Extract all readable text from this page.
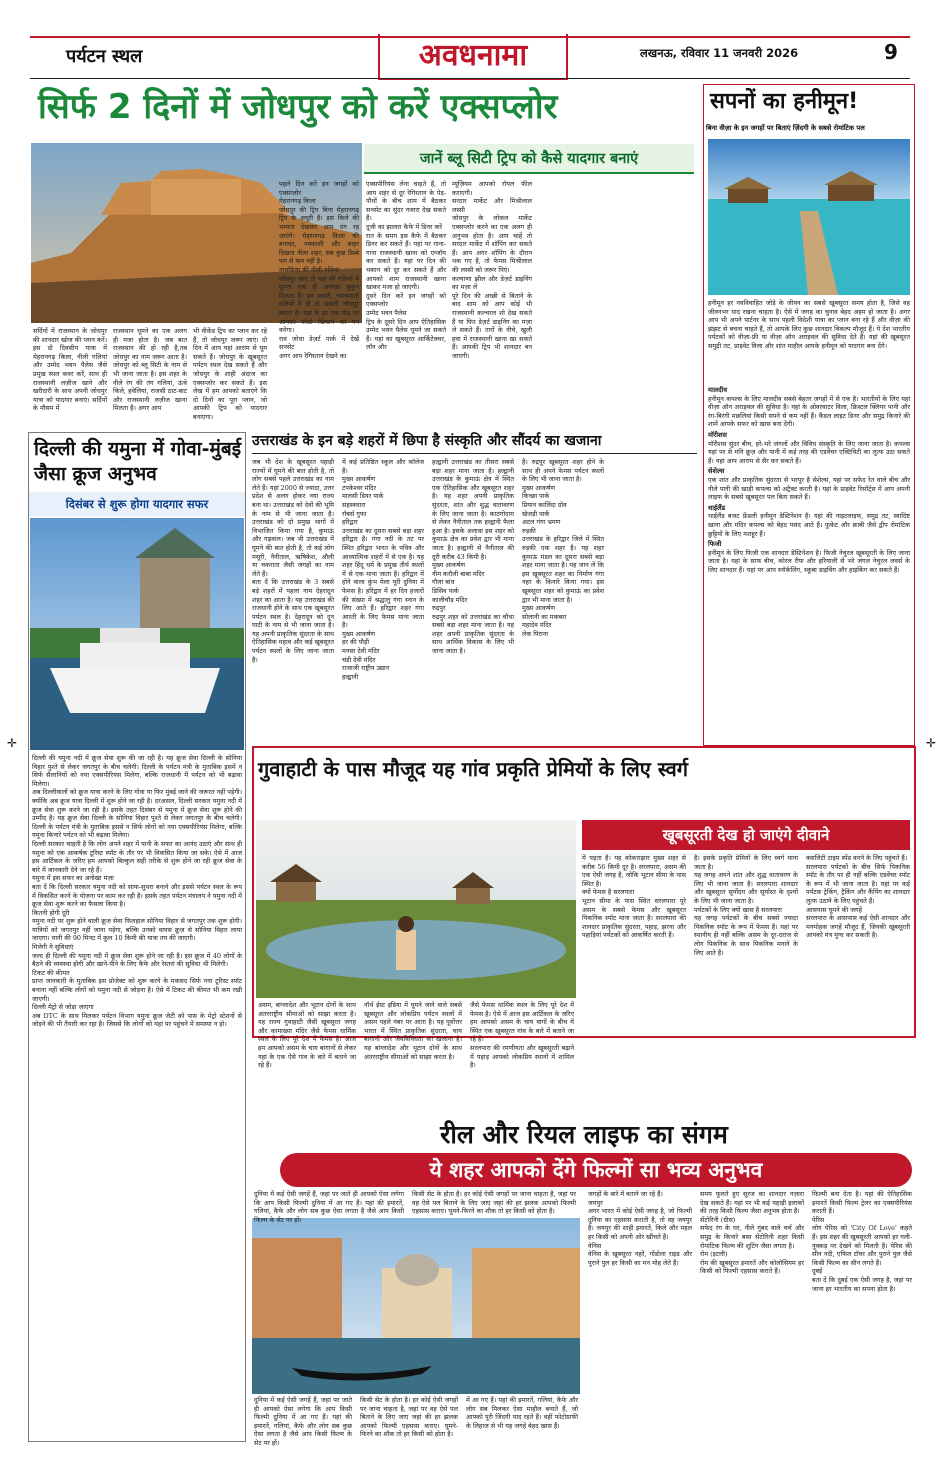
पर्यटन स्थल	अवधनामा	लखनऊ, रविवार 11 जनवरी 2026	9
सिर्फ 2 दिनों में जोधपुर को करें एक्सप्लोर
जानें ब्लू सिटी ट्रिप को कैसे यादगार बनाएं
सर्दियों में राजस्थान के जोधपुर की शानदार खोज की प्लान करें। इस दो दिवसीय यात्रा में मेहरानगढ़ किला, नीली गलियां और उम्मेद भवन पैलेस जैसे प्रमुख स्थल कवर करें, साथ ही राजस्थानी लज़ीज खाने और खरीदारी के साथ अपनी जोधपुर यात्रा को यादगार बनाएं। सर्दियों के मौसम में
राजस्थान घूमने का एक अलग ही मजा होता है। जब बात राजस्थान की हो रही है,तब जोधपुर का नाम जरूर आता है। जोधपुर को ब्लू सिटी के नाम से भी जाना जाता है। इस शहर के नीले रंग की तंग गलियां, ऊंचे किले, हवेलियां, राजसी ठाट-बाट और राजस्थानी लज़ीज खाना मिलता है। अगर आप
भी वीकेंड ट्रिप का प्लान कर रहे हैं, तो जोधपुर जरूर जाएं। दो दिन में आप यहां आराम से घूम सकते हैं। जोधपुर के खूबसूरत पर्यटन स्थल देख सकते हैं और जोधपुर के शाही अंदाज का एक्सप्लोर कर सकते हैं। इस लेख में हम आपको बताएंगे कि दो दिनों का पूरा प्लान, जो आपकी ट्रिप को यादगार बनाएगा।
पहले दिन करें इन जगहों को एक्सप्लोर
मेहरानगढ़ किला
जोधपुर की ट्रिप बिना मेहरानगढ़ ट्रिप के अधूरी है। इस किले की भव्यता देखकर आप दंग रह जाएंगे। मेहरानगढ़ किला की बनावट, नक्काशी और बाहर दिखता नीला शहर, सब कुछ डिब्बे पल से कम नहीं है।
नाचकिया की नीली गलियां
जोधपुर जाएं तो यहां की गलियों में घूमना एक ही अनोखा सुकून मिलता है। इन सकरी, चमचमाती गलियों में ही तो असली जोधपुर बसता है। यहां के हर एक मोड़ पर आपको फोटो खिंचाने का मन करेगा।
राव जोधा डेज़र्ट पार्क में देखें सनसेट
अगर आप रेगिस्तान देखने का
एक्सपीरियंस लेना चाहते हैं, तो आप शहर से दूर रेगिस्तान के पेड़-पौधों के बीच शाम में बैठकर सनसेट का सुंदर नजारा देख सकते हैं।
दूजी का झालरा कैफे में डिनर करें
रात के समय इस कैफे में बैठकर डिनर कर सकते हैं। यहां पर गाना-गाना राजस्थानी खाना को एन्जॉय कर सकते हैं। यहां पर दिन की थकान को दूर कर सकते हैं और आपको शाम राजस्थानी खाना खाकर मजा हो जाएगी।
दूसरे दिन करें इन जगहों को एक्सप्लोर
उम्मेद भवन पैलेस
ट्रिप के दूसरे दिन आप ऐतिहासिक उम्मेद भवन पैलेस घूमने जा सकते हैं। यहां का खूबसूरत आर्किटेक्चर, लॉन और
म्यूज़ियम आपको रॉयल फील कराएगी।
सरदार मार्केट और मिश्रीलाल लस्सी
जोधपुर के लोकल मार्केट एक्सप्लोर करने का एक अलग ही अनुभव होता है। आप चाहें तो सरदार मार्केट में शॉपिंग कर सकते हैं। आप अगर शॉपिंग के दौरान थक गए हैं, तो फेमस मिश्रीलाल की लस्सी को जरूर पिएं।
कल्याणा झील और डेज़र्ट डाइनिंग का मज़ा लें
पूरे दिन की अच्छी से बिताने के बाद शाम को आप कोई भी राजस्थानी कल्चरल शो देख सकते हैं या फिर डेज़र्ट डाइनिंग का मज़ा ले सकते हैं। तारों के नीचे, खुली हवा में राजस्थानी खाना खा सकते हैं। आपकी ट्रिप भी शानदार बन जाएगी।
सपनों का हनीमून!
बिना वीज़ा के इन जगहों पर बिताएं ज़िंदगी के सबसे रोमांटिक पल
हनीमून हर नवविवाहित जोड़े के जीवन का सबसे खूबसूरत समय होता है, जिसे वह जीवनभर याद रखना चाहता है। ऐसे में जगह का चुनाव बेहद अहम हो जाता है। अगर आप भी अपने पार्टनर के साथ पहली विदेशी यात्रा का प्लान बना रहे हैं और वीज़ा की झंझट से बचना चाहते हैं, तो आपके लिए कुछ शानदार विकल्प मौजूद हैं। ये देश भारतीय पर्यटकों को वीज़ा-फ्री या वीज़ा ऑन अराइवल की सुविधा देते हैं। यहां की खूबसूरत समुद्री तट, प्राइवेट विला और शांत माहौल आपके हनीमून को यादगार बना देंगे।
मालदीव
हनीमून कपल्स के लिए मालदीव सबसे बेहतर जगहों में से एक है। भारतीयों के लिए यहां वीज़ा ऑन अराइवल की सुविधा है। यहां के ओवरवाटर विला, क्रिस्टल क्लियर पानी और रंग-बिरंगी मछलियां किसी सपने से कम नहीं हैं। कैंडल लाइट डिनर और समुद्र किनारे की शामें आपके सफर को खास बना देंगी।
मॉरीशस
मॉरीशस सुंदर बीच, हरे-भरे जंगलों और विविध संस्कृति के लिए जाना जाता है। कपल्स यहां पर से मनि क्रूज़ और पानी में कई तरह की एडवेंचर एक्टिविटी का लुत्फ उठा सकते हैं। यहां आप आराम से सैर कर सकते हैं।
सेशेल्स
एक शांत और प्राकृतिक सुंदरता से भरपूर है सेशेल्स, यहां पर सफेद रेत वाले बीच और नीले पानी की खाड़ी कपल्स को अट्रैक्ट करती है। यहां के प्राइवेट रिसॉर्ट्स में आप अपनी लाइफ के सबसे खूबसूरत पल बिता सकते हैं।
थाईलैंड
थाईलैंड बजट फ्रेंडली हनीमून डेस्टिनेशन है। यहां की नाइटलाइफ, समुद्र तट, स्वादिष्ट खाना और मंदिर कपल्स को बेहद पसंद आते हैं। फुकेट और क्राबी जैसे द्वीप रोमांटिक छुट्टियों के लिए मशहूर हैं।
फिजी
हनीमून के लिए फिजी एक शानदार डेस्टिनेशन है। फिजी नेचुरल खूबसूरती के लिए जाना जाता है। यहां के साफ बीच, कोरल रीफ और हरियाली से भरे जंगल नेचुरल लवर्स के लिए शानदार हैं। यहां पर आप स्नॉर्कलिंग, स्कूबा डाइविंग और हाइकिंग कर सकते हैं।
दिल्ली की यमुना में गोवा-मुंबई जैसा क्रूज अनुभव
दिसंबर से शुरू होगा यादगार सफर
दिल्ली की यमुना नदी में क्रूज सेवा शुरू की जा रही है। यह क्रूज सेवा दिल्ली के सोनिया विहार पुश्ते से लेकर जगतपुर के बीच चलेगी। दिल्ली के पर्यटन मंत्री के मुताबिक इसमें न सिर्फ सैलानियों को नया एक्सपीरियंस मिलेगा, बल्कि राजधानी में पर्यटन को भी बढ़ावा मिलेगा।
अब दिल्लीवालों को क्रूज यात्रा करने के लिए गोवा या फिर मुंबई जाने की जरूरत नहीं पड़ेगी। क्योंकि अब क्रूज यात्रा दिल्ली में शुरू होने जा रही है। दरअसल, दिल्ली सरकार यमुना नदी में क्रूज सेवा शुरू करने जा रही है। इसके तहत दिसंबर से यमुना में क्रूज सेवा शुरू होने की उम्मीद है। यह क्रूज सेवा दिल्ली के सोनिया विहार पुश्ते से लेकर जगतपुर के बीच चलेगी। दिल्ली के पर्यटन मंत्री के मुताबिक इससे न सिर्फ लोगों को नया एक्सपीरियंस मिलेगा, बल्कि यमुना किनारे पर्यटन को भी बढ़ावा मिलेगा।
दिल्ली सरकार चाहती है कि लोग अपने शहर में पानी के सफर का आनंद उठाएं और साथ ही यमुना को एक आकर्षक टूरिस्ट स्पॉट के तौर पर भी विकसित किया जा सके। ऐसे में आज इस आर्टिकल के जरिए हम आपको बिल्कुल सही तरीके से शुरू होने जा रही क्रूज सेवा के बारे में जानकारी देने जा रहे हैं।
यमुना में इस सफर का अनोखा मज़ा
बता दें कि दिल्ली सरकार यमुना नदी को साफ-सुथरा बनाने और इससे पर्यटन स्थल के रूप में विकसित करने के योजना पर काम कर रही है। इसके तहत पर्यटन मंत्रालय ने यमुना नदी में क्रूज सेवा शुरू करने का फैसला किया है।
कितनी होगी दूरी
यमुना नदी पर शुरू होने वाली क्रूज सेवा फिलहाल सोनिया विहार से जगतपुर तक शुरू होगी। यात्रियों को जगतपुर नहीं जाना पड़ेगा, बल्कि उनको वापस क्रूज़ से सोनिया विहार लाया जाएगा। यानी की 90 मिनट में कुल 10 किमी की यात्रा तय की जाएगी।
मिलेगी ये सुविधाएं
जल्द ही दिल्ली की यमुना नदी में क्रूज सेवा शुरू होने जा रही है। इस क्रूज में 40 लोगों के बैठने की व्यवस्था होगी और खाने-पीने के लिए कैफे और रेस्तरां की सुविधा भी मिलेगी।
टिकट की कीमत
प्राप्त जानकारी के मुताबिक इस प्रोजेक्ट को शुरू करने के मकसद सिर्फ नया टूरिस्ट स्पॉट बनाना नहीं बल्कि लोगों को यमुना नदी से जोड़ना है। ऐसे में टिकट की कीमत भी कम रखी जाएगी।
दिल्ली मेट्रो से जोड़ा जाएगा
अब DTC के साथ मिलकर पर्यटन विभाग यमुना क्रूज जेटी को पास के मेट्रो स्टेशनों से जोड़ने की भी तैयारी कर रहा है। जिससे कि लोगों को यहां पर पहुंचने में समस्या न हो।
उत्तराखंड के इन बड़े शहरों में छिपा है संस्कृति और सौंदर्य का खजाना
जब भी देश के खूबसूरत पहाड़ी राज्यों में घूमने की बात होती है, तो लोग सबसे पहले उत्तराखंड का नाम लेते हैं। यहां 2000 से ज्यादा, उत्तर प्रदेश से अलग होकर नया राज्य बना था। उत्तराखंड को देवों की भूमि के नाम से भी जाना जाता है। उत्तराखंड को दो प्रमुख भागों में विभाजित किया गया है, कुमाऊं और गढ़वाल। जब भी उत्तराखंड में घूमने की बात होती है, तो कई लोग मसूरी, नैनीताल, ऋषिकेश, औली या चकराता जैसी जगहों का नाम लेते हैं।
बता दें कि उत्तराखंड के 3 सबसे बड़े शहरों में पहला नाम देहरादून शहर का आता है। यह उत्तराखंड की राजधानी होने के साथ एक खूबसूरत पर्यटन स्थल है। देहरादून को दून घाटी के नाम से भी जाना जाता है। यह अपनी प्राकृतिक सुंदरता के साथ ऐतिहासिक महत्व और कई खूबसूरत पर्यटन स्थलों के लिए जाना जाता है।
में कई प्रतिष्ठित स्कूल और कॉलेज हैं।
मुख्य आकर्षण
टपकेश्वर मंदिर
मालसी डियर पार्क
सहस्त्रधारा
रॉबर्स गुफा
हरिद्वार
उत्तराखंड का दूसरा सबसे बड़ा शहर हरिद्वार है। गंगा नदी के तट पर स्थित हरिद्वार भारत के पवित्र और आध्यात्मिक शहरों में से एक है। यह शहर हिंदू धर्म के प्रमुख तीर्थ स्थलों में से एक माना जाता है। हरिद्वार में होने वाला कुंभ मेला पूरी दुनिया में फेमस है। हरिद्वार में हर दिन हजारों की संख्या में श्रद्धालु गंगा स्नान के लिए आते हैं। हरिद्वार शहर गंगा आरती के लिए फेमस माना जाता है।
मुख्य आकर्षण
हर की पौड़ी
मनसा देवी मंदिर
चंडी देवी मंदिर
राजाजी राष्ट्रीय उद्यान
हल्द्वानी
हल्द्वानी उत्तराखंड का तीसरा सबसे बड़ा शहर माना जाता है। हल्द्वानी उत्तराखंड के कुमाऊं क्षेत्र में स्थित एक ऐतिहासिक और खूबसूरत शहर है। यह शहर अपनी प्राकृतिक सुंदरता, शांत और शुद्ध वातावरण के लिए जाना जाता है। काठगोदाम से लेकर नैनीताल तक हल्द्वानी फैला हुआ है। इसके अलावा इस शहर को कुमाऊं क्षेत्र का प्रवेश द्वार भी माना जाता है। हल्द्वानी से नैनीताल की दूरी करीब 43 किमी है।
मुख्य आकर्षण
नीम करौली बाबा मंदिर
गौला बांध
डिसिव पार्क
कालीचौड़ मंदिर
रुद्रपुर
रुद्रपुर शहर को उत्तराखंड का चौथा सबसे बड़ा शहर माना जाता है। यह शहर अपनी प्राकृतिक सुंदरता के साथ आर्थिक विकास के लिए भी जाना जाता है।
है। रुद्रपुर खूबसूरत शहर होने के साथ ही अपने फेमस पर्यटन स्थलों के लिए भी जाना जाता है।
मुख्य आकर्षण
किच्छा पार्क
प्रियान कालिंदा ग्रोव
खेजड़ी पार्क
अटल गंगा भ्रमण
रुड़की
उत्तराखंड के हरिद्वार जिले में स्थित रुड़की एक शहर है। यह शहर कुमाऊं मंडल का दूसरा सबसे बड़ा शहर माना जाता है। यह जान लें कि इस खूबसूरत शहर का निर्माण गंगा नहर के किनारे किया गया। इस खूबसूरत शहर को कुमाऊं का प्रवेश द्वार भी माना जाता है।
मुख्य आकर्षण
सोलानी का मकबरा
महादेव मंदिर
लेक पिराना
गुवाहाटी के पास मौजूद यह गांव प्रकृति प्रेमियों के लिए स्वर्ग
खूबसूरती देख हो जाएंगे दीवाने
असम, बांग्लादेश और भूटान दोनों के साथ अंतरराष्ट्रीय सीमाओं को साझा करता है। यह राज्य गुवाहाटी जैसी खूबसूरत जगह और कामाख्या मंदिर जैसे फेमस धार्मिक स्थल के लिए पूरे देश में फेमस है। आज हम आपको असम के चाय बागानों से लेकर यहां के एक ऐसे गांव के बारे में बताने जा रहे हैं।
नॉर्थ ईस्ट इंडिया में घूमने जाने वाले सबसे खूबसूरत और लोकप्रिय पर्यटन स्थलों में असम पहले नंबर पर आता है। यह पूर्वोत्तर भारत में स्थित प्राकृतिक सुंदरता, चाय बागानों और जैवविविधता का खजाना है। यह बांग्लादेश और भूटान दोनों के साथ अंतरराष्ट्रीय सीमाओं को साझा करता है।
जैसे फेमस धार्मिक स्थल के लिए पूरे देश में फेमस है। ऐसे में आज इस आर्टिकल के जरिए हम आपको असम के चाय वागों के बीच में स्थित एक खूबसूरत गांव के बारे में बताने जा रहे हैं।
सरलपारा की रमणीयता और खूबसूरती बढ़ाने में पहाड़ आपको लोकप्रिय स्थानों में शामिल है।
में पड़ता है। यह कोकराझार मुख्य शहर से करीब 56 किमी दूर है। सरलपारा, असम की एक ऐसी जगह है, जोकि भूटान सीमा के पास स्थित है।
क्यों फेमस है सरलपारा
भूटान सीमा के पास स्थित सरलपारा पूरे असम के सबसे फेमस और खूबसूरत पिकनिक स्पॉट माना जाता है। सरलपारा की शानदार प्राकृतिक सुंदरता, पहाड़, झरना और पहाड़ियां पर्यटकों को आकर्षित करती हैं।
है। इसके प्रकृति प्रेमियों के लिए स्वर्ग माना जाता है।
यह जगह अपने शांत और शुद्ध वातावरण के लिए भी जाना जाता है। सरलपारा शानदार और खूबसूरत सूर्योदय और सूर्यास्त के दृश्यों के लिए भी जाना जाता है।
पर्यटकों के लिए क्यों खास है सरलपारा
यह जगह पर्यटकों के बीच सबसे ज्यादा पिकनिक स्पॉट के रूप में फेमस है। यहां पर स्थानीय ही नहीं बल्कि असम के दूर-दराज से लोग पिकनिक के साथ पिकनिक मनाने के लिए आते हैं।
क्वालिटी टाइम स्पेंड करने के लिए पहुंचते हैं।
सरलपारा पर्यटकों के बीच सिर्फ पिकनिक स्पॉट के तौर पर ही नहीं बल्कि एडवेंचर स्पॉट के रूप में भी जाना जाता है। यहां पर कई पर्यटक ट्रेकिंग, ट्रैकिंग और कैंपिंग का शानदार लुत्फ उठाने के लिए पहुंचते हैं।
आसपास घूमने की जगहें
सरलपारा के आसपास कई ऐसी शानदार और मनमोहक जगहें मौजूद हैं, जिनकी खूबसूरती आपको मंत्र मुग्ध कर सकती है।
रील और रियल लाइफ का संगम
ये शहर आपको देंगे फिल्मों सा भव्य अनुभव
दुनिया में कई ऐसी जगहें हैं, जहां पर जाते ही आपको ऐसा लगेगा कि आप किसी फिल्मी दुनिया में आ गए हैं। यहां की इमारतें, गलियां, कैफे और लोग सब कुछ ऐसा लगता है जैसे आप किसी फिल्म के सेट पर हों।
किसी सेट के होता है। हर कोई ऐसी जगहों पर जाना चाहता है, जहां पर वह ऐसे पल बिताने के लिए जाए जहां की हर झलक आपको फिल्मी एहसास कराए। घूमने-फिरने का शौक तो हर किसी को होता है।
दुनिया में कई ऐसी जगहें हैं, जहां पर जाते ही आपको ऐसा लगेगा कि आप किसी फिल्मी दुनिया में आ गए हैं। यहां की इमारतें, गलियां, कैफे और लोग सब कुछ ऐसा लगता है जैसे आप किसी फिल्म के सेट पर हों।
किसी सेट के होता है। हर कोई ऐसी जगहों पर जाना चाहता है, जहां पर वह ऐसे पल बिताने के लिए जाए जहां की हर झलक आपको फिल्मी एहसास कराए। घूमने-फिरने का शौक तो हर किसी को होता है।
में आ गए हैं। यहां की इमारतें, गलियां, कैफे और लोग सब मिलकर ऐसा माहौल बनाते हैं, जो आपको पूरी जिंदगी याद रहते हैं। वहीं फोटोग्राफी के लिहाज से भी यह जगहें बेहद खास हैं।
जगहों के बारे में बताने जा रहे हैं।
जयपुर
अगर भारत में कोई ऐसी जगह है, जो फिल्मी दुनिया का एहसास कराती है, तो वह जयपुर है। जयपुर की शाही इमारतें, किले और महल हर किसी को अपनी ओर खींचते हैं।
वेनिस
वेनिस के खूबसूरत नहरें, गोंडोला राइड और पुराने पुल हर किसी का मन मोह लेते हैं।
समय फूलते हुए सूरज का शानदार नज़ारा देख सकते हैं। यहां पर भी कई पहाड़ी इलाकों की तरह किसी फिल्म जैसा अनुभव होता है।
सेंटोरिनी (ग्रीस)
सफेद रंग के घर, नीले गुंबद वाले चर्च और समुद्र के किनारे बसा सेंटोरिनी शहर किसी रोमांटिक फिल्म की शूटिंग जैसा लगता है।
रोम (इटली)
रोम की खूबसूरत इमारतें और कोलोसियम हर किसी को फिल्मी एहसास कराते हैं।
फिल्मी बना देता है। यहां की ऐतिहासिक इमारतें किसी फिल्म ट्रेलर का एक्सपीरियंस कराती हैं।
पेरिस
लोग पेरिस को 'City Of Love' कहते हैं। इस शहर की खूबसूरती आपको हर गली-नुक्कड़ पर देखने को मिलती है। पेरिस की सीन नदी, एफिल टॉवर और पुराने पुल जैसे किसी फिल्म का सीन लगते हैं।
दुबई
बता दें कि दुबई एक ऐसी जगह है, जहां पर जाना हर भारतीय का सपना होता है।
✛	✛
